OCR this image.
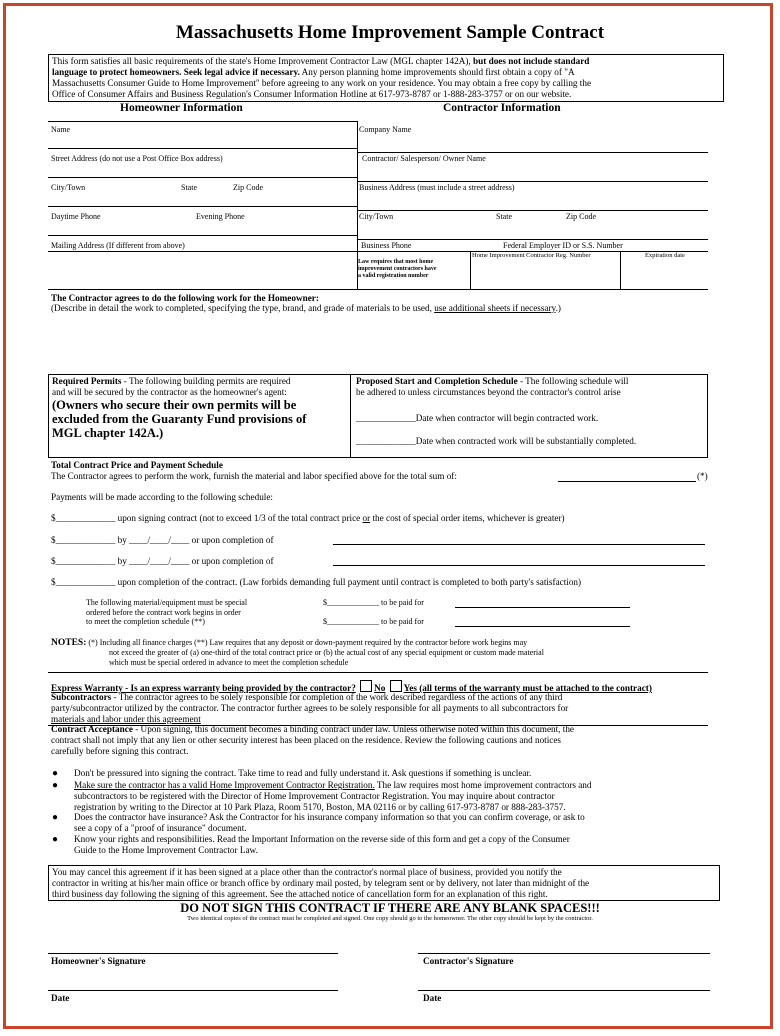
Massachusetts Home Improvement Sample Contract
This form satisfies all basic requirements of the state's Home Improvement Contractor Law (MGL chapter 142A), but does not include standard
language to protect homeowners. Seek legal advice if necessary. Any person planning home improvements should first obtain a copy of "A
Massachusetts Consumer Guide to Home Improvement" before agreeing to any work on your residence. You may obtain a free copy by calling the
Office of Consumer Affairs and Business Regulation's Consumer Information Hotline at 617-973-8787 or 1-888-283-3757 or on our website.
Homeowner Information	Contractor Information
Name
Street Address (do not use a Post Office Box address)
City/Town	State	Zip Code
Daytime Phone	Evening Phone
Mailing Address (If different from above)
Company Name
Contractor/ Salesperson/ Owner Name
Business Address (must include a street address)
City/Town	State	Zip Code
Business Phone	Federal Employer ID or S.S. Number
Law requires that most home
improvement contractors have
a valid registration number
Home Improvement Contractor Reg. Number	Expiration date
The Contractor agrees to do the following work for the Homeowner:
(Describe in detail the work to completed, specifying the type, brand, and grade of materials to be used, use additional sheets if necessary.)
Required Permits - The following building permits are required
and will be secured by the contractor as the homeowner's agent:
(Owners who secure their own permits will be
excluded from the Guaranty Fund provisions of
MGL chapter 142A.)
Proposed Start and Completion Schedule - The following schedule will
be adhered to unless circumstances beyond the contractor's control arise
_____________Date when contractor will begin contracted work.
_____________Date when contracted work will be substantially completed.
Total Contract Price and Payment Schedule
The Contractor agrees to perform the work, furnish the material and labor specified above for the total sum of:	(*)
Payments will be made according to the following schedule:
$_____________ upon signing contract (not to exceed 1/3 of the total contract price or the cost of special order items, whichever is greater)
$_____________ by ____/____/____ or upon completion of
$_____________ by ____/____/____ or upon completion of
$_____________ upon completion of the contract. (Law forbids demanding full payment until contract is completed to both party's satisfaction)
The following material/equipment must be special
ordered before the contract work begins in order
to meet the completion schedule (**)
$_____________ to be paid for
$_____________ to be paid for
NOTES: (*) Including all finance charges (**) Law requires that any deposit or down-payment required by the contractor before work begins may
not exceed the greater of (a) one-third of the total contract price or (b) the actual cost of any special equipment or custom made material
which must be special ordered in advance to meet the completion schedule
Express Warranty - Is an express warranty being provided by the contractor? No Yes (all terms of the warranty must be attached to the contract)
Subcontractors - The contractor agrees to be solely responsible for completion of the work described regardless of the actions of any third
party/subcontractor utilized by the contractor. The contractor further agrees to be solely responsible for all payments to all subcontractors for
materials and labor under this agreement
Contract Acceptance - Upon signing, this document becomes a binding contract under law. Unless otherwise noted within this document, the
contract shall not imply that any lien or other security interest has been placed on the residence. Review the following cautions and notices
carefully before signing this contract.
● Don't be pressured into signing the contract. Take time to read and fully understand it. Ask questions if something is unclear.
● Make sure the contractor has a valid Home Improvement Contractor Registration. The law requires most home improvement contractors and
subcontractors to be registered with the Director of Home Improvement Contractor Registration. You may inquire about contractor
registration by writing to the Director at 10 Park Plaza, Room 5170, Boston, MA 02116 or by calling 617-973-8787 or 888-283-3757.
● Does the contractor have insurance? Ask the Contractor for his insurance company information so that you can confirm coverage, or ask to
see a copy of a "proof of insurance" document.
● Know your rights and responsibilities. Read the Important Information on the reverse side of this form and get a copy of the Consumer
Guide to the Home Improvement Contractor Law.
You may cancel this agreement if it has been signed at a place other than the contractor's normal place of business, provided you notify the
contractor in writing at his/her main office or branch office by ordinary mail posted, by telegram sent or by delivery, not later than midnight of the
third business day following the signing of this agreement. See the attached notice of cancellation form for an explanation of this right.
DO NOT SIGN THIS CONTRACT IF THERE ARE ANY BLANK SPACES!!!
Two identical copies of the contract must be completed and signed. One copy should go to the homeowner. The other copy should be kept by the contractor.
Homeowner's Signature	Contractor's Signature
Date	Date
